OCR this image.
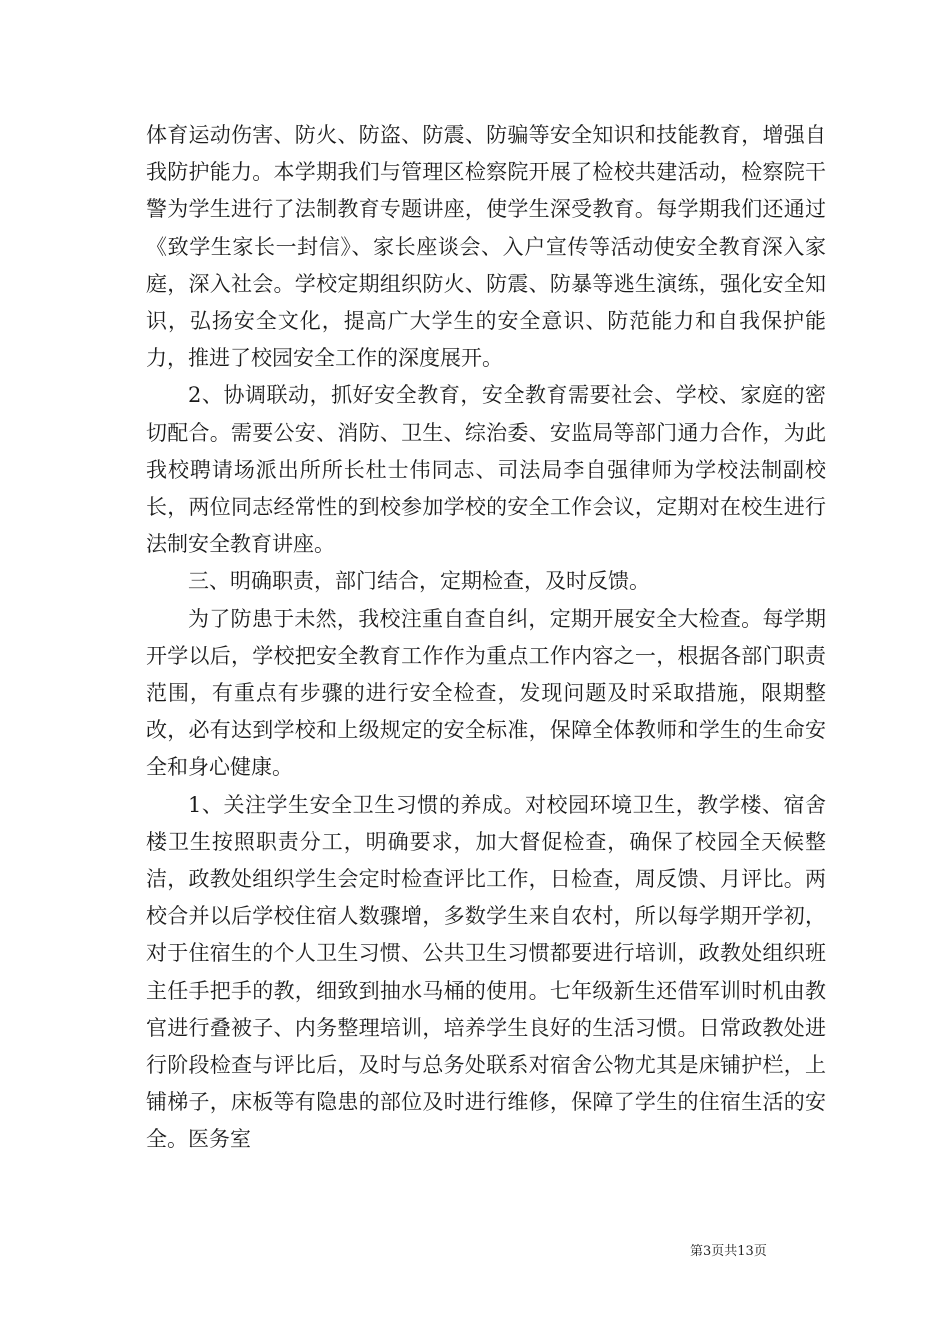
体育运动伤害、防火、防盗、防震、防骗等安全知识和技能教育，增强自我防护能力。本学期我们与管理区检察院开展了检校共建活动，检察院干警为学生进行了法制教育专题讲座，使学生深受教育。每学期我们还通过《致学生家长一封信》、家长座谈会、入户宣传等活动使安全教育深入家庭，深入社会。学校定期组织防火、防震、防暴等逃生演练，强化安全知识，弘扬安全文化，提高广大学生的安全意识、防范能力和自我保护能力，推进了校园安全工作的深度展开。

2、协调联动，抓好安全教育，安全教育需要社会、学校、家庭的密切配合。需要公安、消防、卫生、综治委、安监局等部门通力合作，为此我校聘请场派出所所长杜士伟同志、司法局李自强律师为学校法制副校长，两位同志经常性的到校参加学校的安全工作会议，定期对在校生进行法制安全教育讲座。

三、明确职责，部门结合，定期检查，及时反馈。

为了防患于未然，我校注重自查自纠，定期开展安全大检查。每学期开学以后，学校把安全教育工作作为重点工作内容之一，根据各部门职责范围，有重点有步骤的进行安全检查，发现问题及时采取措施，限期整改，必有达到学校和上级规定的安全标准，保障全体教师和学生的生命安全和身心健康。

1、关注学生安全卫生习惯的养成。对校园环境卫生，教学楼、宿舍楼卫生按照职责分工，明确要求，加大督促检查，确保了校园全天候整洁，政教处组织学生会定时检查评比工作，日检查，周反馈、月评比。两校合并以后学校住宿人数骤增，多数学生来自农村，所以每学期开学初，对于住宿生的个人卫生习惯、公共卫生习惯都要进行培训，政教处组织班主任手把手的教，细致到抽水马桶的使用。七年级新生还借军训时机由教官进行叠被子、内务整理培训，培养学生良好的生活习惯。日常政教处进行阶段检查与评比后，及时与总务处联系对宿舍公物尤其是床铺护栏，上铺梯子，床板等有隐患的部位及时进行维修，保障了学生的住宿生活的安全。医务室

第3页共13页
